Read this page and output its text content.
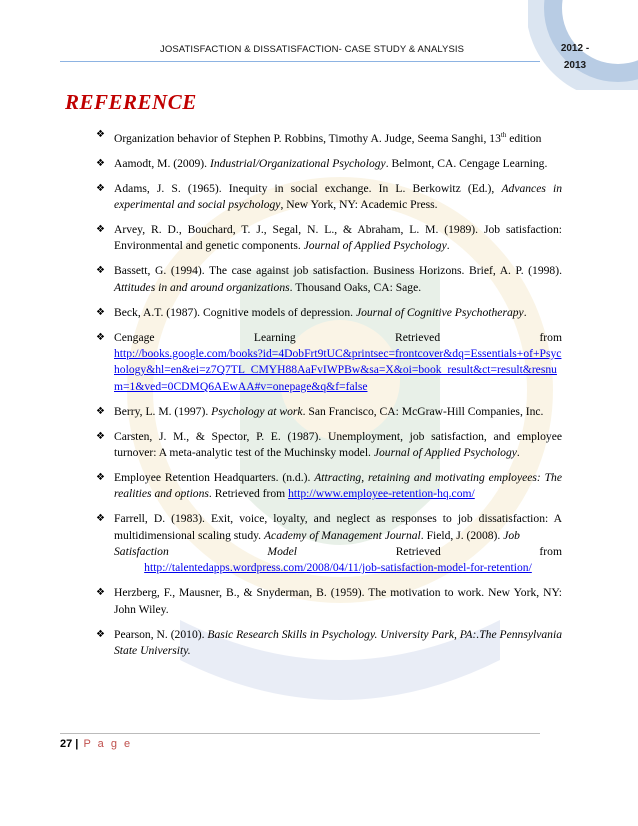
JOSATISFACTION & DISSATISFACTION- CASE STUDY & ANALYSIS	2012 -
2013
REFERENCE
❖ Organization behavior of Stephen P. Robbins, Timothy A. Judge, Seema Sanghi, 13th edition
❖ Aamodt, M. (2009). Industrial/Organizational Psychology. Belmont, CA. Cengage Learning.
❖ Adams, J. S. (1965). Inequity in social exchange. In L. Berkowitz (Ed.), Advances in experimental and social psychology, New York, NY: Academic Press.
❖ Arvey, R. D., Bouchard, T. J., Segal, N. L., & Abraham, L. M. (1989). Job satisfaction: Environmental and genetic components. Journal of Applied Psychology.
❖ Bassett, G. (1994). The case against job satisfaction. Business Horizons. Brief, A. P. (1998). Attitudes in and around organizations. Thousand Oaks, CA: Sage.
❖ Beck, A.T. (1987). Cognitive models of depression. Journal of Cognitive Psychotherapy.
❖ Cengage	Learning	Retrieved	from
http://books.google.com/books?id=4DobFrt9tUC&printsec=frontcover&dq=Essentials+of+Psychology&hl=en&ei=z7Q7TL_CMYH88AaFvIWPBw&sa=X&oi=book_result&ct=result&resnum=1&ved=0CDMQ6AEwAA#v=onepage&q&f=false
❖ Berry, L. M. (1997). Psychology at work. San Francisco, CA: McGraw-Hill Companies, Inc.
❖ Carsten, J. M., & Spector, P. E. (1987). Unemployment, job satisfaction, and employee turnover: A meta-analytic test of the Muchinsky model. Journal of Applied Psychology.
❖ Employee Retention Headquarters. (n.d.). Attracting, retaining and motivating employees: The realities and options. Retrieved from http://www.employee-retention-hq.com/
❖ Farrell, D. (1983). Exit, voice, loyalty, and neglect as responses to job dissatisfaction: A multidimensional scaling study. Academy of Management Journal. Field, J. (2008). Job
Satisfaction	Model	Retrieved	from
http://talentedapps.wordpress.com/2008/04/11/job-satisfaction-model-for-retention/
❖ Herzberg, F., Mausner, B., & Snyderman, B. (1959). The motivation to work. New York, NY: John Wiley.
❖ Pearson, N. (2010). Basic Research Skills in Psychology. University Park, PA:.The Pennsylvania State University.
27 | P a g e
